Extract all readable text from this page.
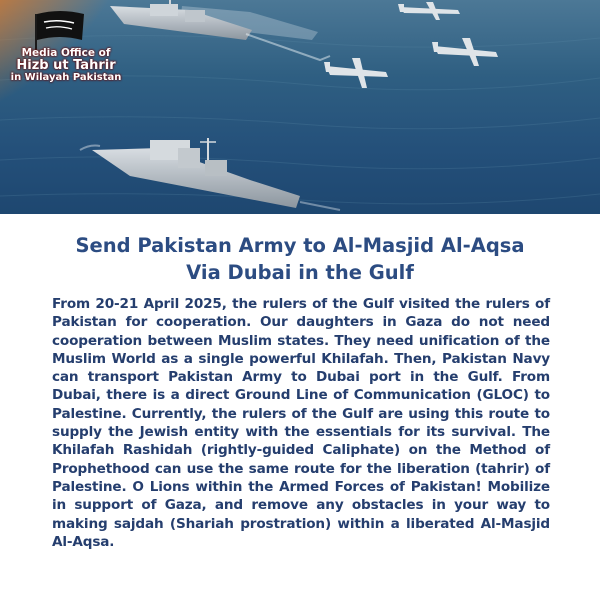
Media Office of
Hizb ut Tahrir
in Wilayah Pakistan
Send Pakistan Army to Al-Masjid Al-Aqsa
Via Dubai in the Gulf

From 20-21 April 2025, the rulers of the Gulf visited the rulers of Pakistan for cooperation. Our daughters in Gaza do not need cooperation between Muslim states. They need unification of the Muslim World as a single powerful Khilafah. Then, Pakistan Navy can transport Pakistan Army to Dubai port in the Gulf. From Dubai, there is a direct Ground Line of Communication (GLOC) to Palestine. Currently, the rulers of the Gulf are using this route to supply the Jewish entity with the essentials for its survival. The Khilafah Rashidah (rightly-guided Caliphate) on the Method of Prophethood can use the same route for the liberation (tahrir) of Palestine. O Lions within the Armed Forces of Pakistan! Mobilize in support of Gaza, and remove any obstacles in your way to making sajdah (Shariah prostration) within a liberated Al-Masjid Al-Aqsa.
